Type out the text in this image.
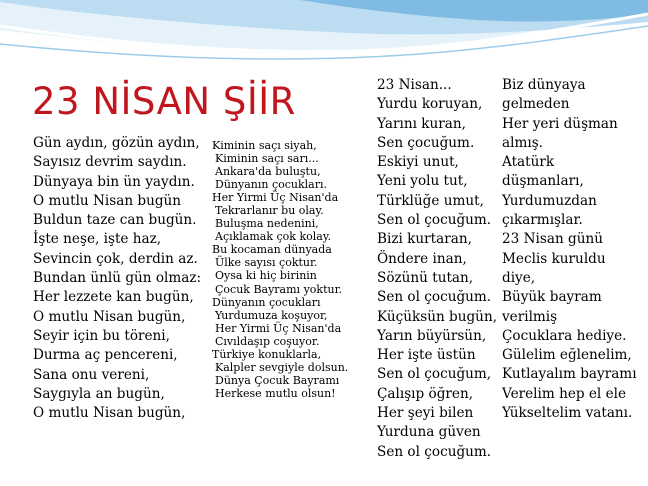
23 NİSAN ŞİİR
Gün aydın, gözün aydın,
Sayısız devrim saydın.
Dünyaya bin ün yaydın.
O mutlu Nisan bugün
Buldun taze can bugün.
İşte neşe, işte haz,
Sevincin çok, derdin az.
Bundan ünlü gün olmaz:
Her lezzete kan bugün,
O mutlu Nisan bugün,
Seyir için bu töreni,
Durma aç pencereni,
Sana onu vereni,
Saygıyla an bugün,
O mutlu Nisan bugün,
Kiminin saçı siyah,
Kiminin saçı sarı...
Ankara'da buluştu,
Dünyanın çocukları.
Her Yirmi Üç Nisan'da
Tekrarlanır bu olay.
Buluşma nedenini,
Açıklamak çok kolay.
Bu kocaman dünyada
Ülke sayısı çoktur.
Oysa ki hiç birinin
Çocuk Bayramı yoktur.
Dünyanın çocukları
Yurdumuza koşuyor,
Her Yirmi Üç Nisan'da
Cıvıldaşıp coşuyor.
Türkiye konuklarla,
Kalpler sevgiyle dolsun.
Dünya Çocuk Bayramı
Herkese mutlu olsun!
23 Nisan...
Yurdu koruyan,
Yarını kuran,
Sen çocuğum.
Eskiyi unut,
Yeni yolu tut,
Türklüğe umut,
Sen ol çocuğum.
Bizi kurtaran,
Öndere inan,
Sözünü tutan,
Sen ol çocuğum.
Küçüksün bugün,
Yarın büyürsün,
Her işte üstün
Sen ol çocuğum,
Çalışıp öğren,
Her şeyi bilen
Yurduna güven
Sen ol çocuğum.
Biz dünyaya
gelmeden
Her yeri düşman
almış.
Atatürk
düşmanları,
Yurdumuzdan
çıkarmışlar.
23 Nisan günü
Meclis kuruldu
diye,
Büyük bayram
verilmiş
Çocuklara hediye.
Gülelim eğlenelim,
Kutlayalım bayramı
Verelim hep el ele
Yükseltelim vatanı.
